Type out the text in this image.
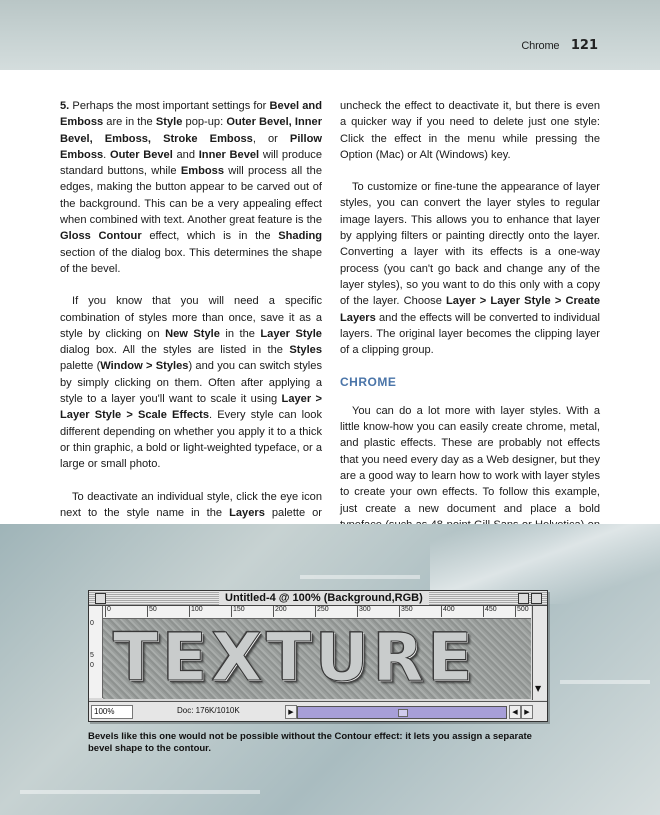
Chrome 121

5. Perhaps the most important settings for Bevel and Emboss are in the Style pop-up: Outer Bevel, Inner Bevel, Emboss, Stroke Emboss, or Pillow Emboss. Outer Bevel and Inner Bevel will produce standard buttons, while Emboss will process all the edges, making the button appear to be carved out of the background. This can be a very appealing effect when combined with text. Another great feature is the Gloss Contour effect, which is in the Shading section of the dialog box. This determines the shape of the bevel.

If you know that you will need a specific combination of styles more than once, save it as a style by clicking on New Style in the Layer Style dialog box. All the styles are listed in the Styles palette (Window > Styles) and you can switch styles by simply clicking on them. Often after applying a style to a layer you'll want to scale it using Layer > Layer Style > Scale Effects. Every style can look different depending on whether you apply it to a thick or thin graphic, a bold or light-weighted typeface, or a large or small photo.

To deactivate an individual style, click the eye icon next to the style name in the Layers palette or

uncheck the effect to deactivate it, but there is even a quicker way if you need to delete just one style: Click the effect in the menu while pressing the Option (Mac) or Alt (Windows) key.

To customize or fine-tune the appearance of layer styles, you can convert the layer styles to regular image layers. This allows you to enhance that layer by applying filters or painting directly onto the layer. Converting a layer with its effects is a one-way process (you can't go back and change any of the layer styles), so you want to do this only with a copy of the layer. Choose Layer > Layer Style > Create Layers and the effects will be converted to individual layers. The original layer becomes the clipping layer of a clipping group.

CHROME

You can do a lot more with layer styles. With a little know-how you can easily create chrome, metal, and plastic effects. These are probably not effects that you need every day as a Web designer, but they are a good way to learn how to work with layer styles to create your own effects. To follow this example, just create a new document and place a bold

Untitled-4 @ 100% (Background,RGB)
0	50	100	150	200	250	300	350	400	450	500
0
5
0 TEXTURE	▼
100%	Doc: 176K/1010K	▶	◀ ▶
Bevels like this one would not be possible without the Contour effect: it lets you assign a separate bevel shape to the contour.
